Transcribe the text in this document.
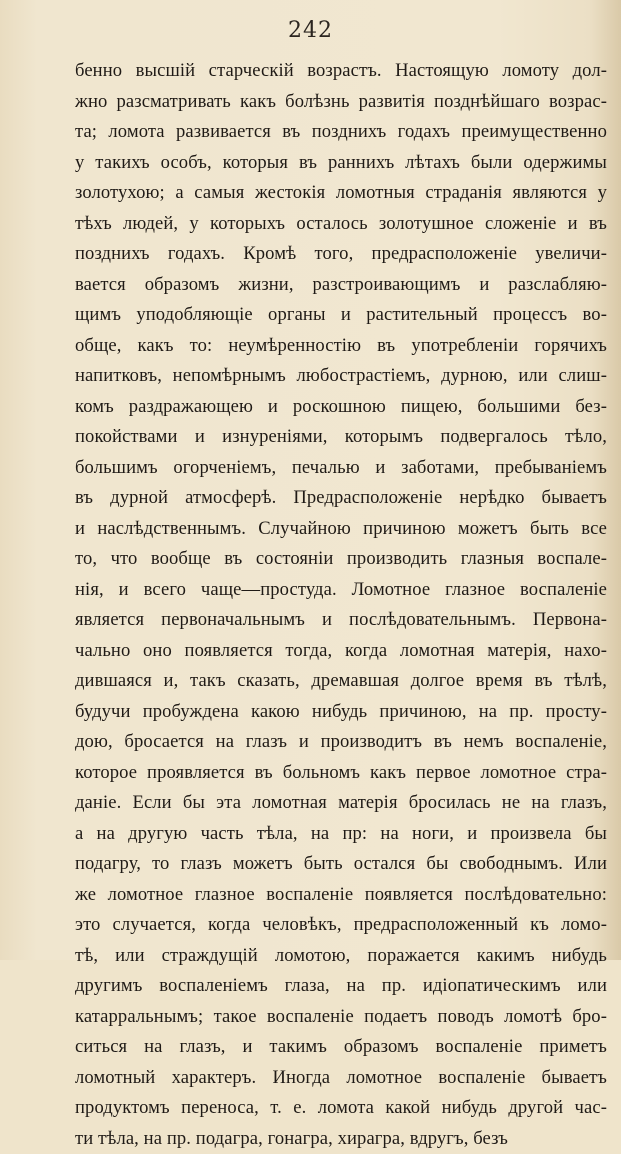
242
бенно высшій старческій возрастъ. Настоящую ломоту дол-
жно разсматривать какъ болѣзнь развитія позднѣйшаго возрас-
та; ломота развивается въ позднихъ годахъ преимущественно
у такихъ особъ, которыя въ раннихъ лѣтахъ были одержимы
золотухою; а самыя жестокія ломотныя страданія являются у
тѣхъ людей, у которыхъ осталось золотушное сложеніе и въ
позднихъ годахъ. Кромѣ того, предрасположеніе увеличи-
вается образомъ жизни, разстроивающимъ и разслабляю-
щимъ уподобляющіе органы и растительный процессъ во-
обще, какъ то: неумѣренностію въ употребленіи горячихъ
напитковъ, непомѣрнымъ любострастіемъ, дурною, или слиш-
комъ раздражающею и роскошною пищею, большими без-
покойствами и изнуреніями, которымъ подвергалось тѣло,
большимъ огорченіемъ, печалью и заботами, пребываніемъ
въ дурной атмосферѣ. Предрасположеніе нерѣдко бываетъ
и наслѣдственнымъ. Случайною причиною можетъ быть все
то, что вообще въ состояніи производить глазныя воспале-
нія, и всего чаще—простуда. Ломотное глазное воспаленіе
является первоначальнымъ и послѣдовательнымъ. Первона-
чально оно появляется тогда, когда ломотная матерія, нахо-
дившаяся и, такъ сказать, дремавшая долгое время въ тѣлѣ,
будучи пробуждена какою нибудь причиною, на пр. просту-
дою, бросается на глазъ и производитъ въ немъ воспаленіе,
которое проявляется въ больномъ какъ первое ломотное стра-
даніе. Если бы эта ломотная матерія бросилась не на глазъ,
а на другую часть тѣла, на пр: на ноги, и произвела бы
подагру, то глазъ можетъ быть остался бы свободнымъ. Или
же ломотное глазное воспаленіе появляется послѣдовательно:
это случается, когда человѣкъ, предрасположенный къ ломо-
тѣ, или страждущій ломотою, поражается какимъ нибудь
другимъ воспаленіемъ глаза, на пр. идіопатическимъ или
катарральнымъ; такое воспаленіе подаетъ поводъ ломотѣ бро-
ситься на глазъ, и такимъ образомъ воспаленіе приметъ
ломотный характеръ. Иногда ломотное воспаленіе бываетъ
продуктомъ переноса, т. е. ломота какой нибудь другой час-
ти тѣла, на пр. подагра, гонагра, хирагра, вдругъ, безъ
